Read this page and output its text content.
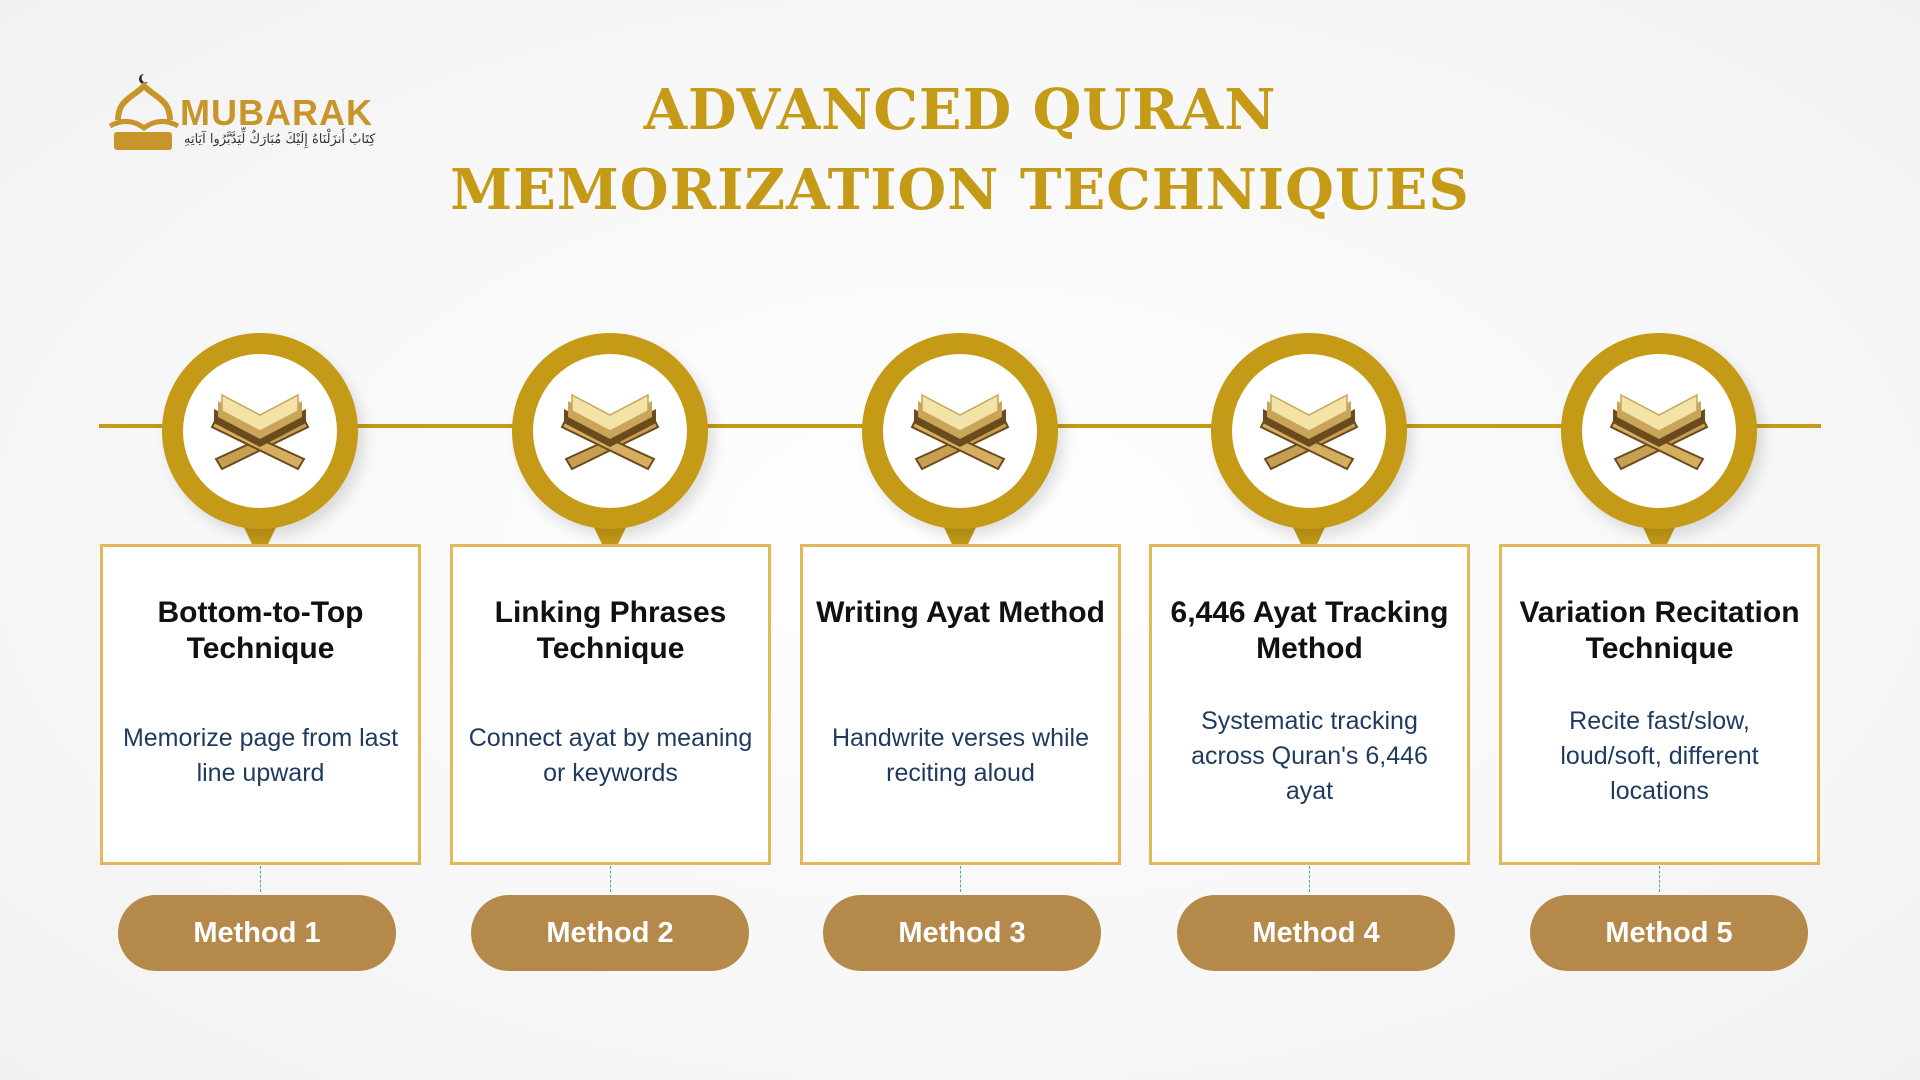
MUBARAK
كِتَابٌ أَنزَلْنَاهُ إِلَيْكَ مُبَارَكٌ لِّيَدَّبَّرُوا آيَاتِهِ	ADVANCED QURAN
MEMORIZATION TECHNIQUES
Bottom-to-Top Technique
Memorize page from last line upward
Method 1
Linking Phrases Technique
Connect ayat by meaning or keywords
Method 2
Writing Ayat Method
Handwrite verses while reciting aloud
Method 3
6,446 Ayat Tracking Method
Systematic tracking across Quran's 6,446 ayat
Method 4
Variation Recitation Technique
Recite fast/slow, loud/soft, different locations
Method 5
